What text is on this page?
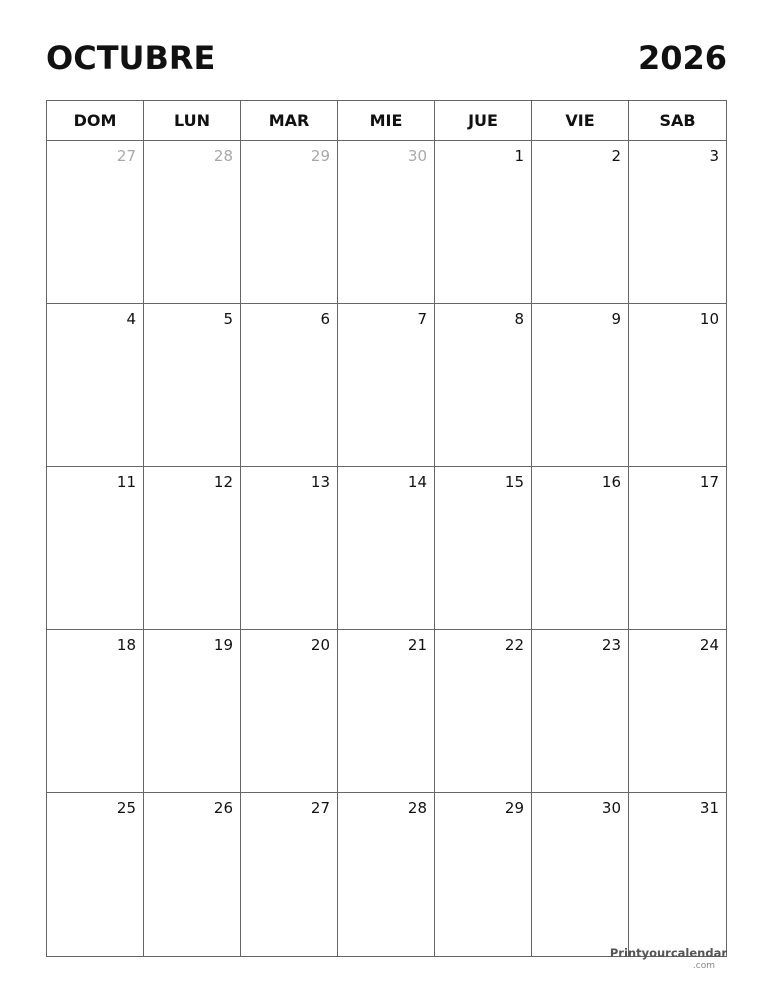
OCTUBRE	2026
DOM	LUN	MAR	MIE	JUE	VIE	SAB
27	28	29	30	1	2	3
4	5	6	7	8	9	10
11	12	13	14	15	16	17
18	19	20	21	22	23	24
25	26	27	28	29	30	31
Printyourcalendar
.com
